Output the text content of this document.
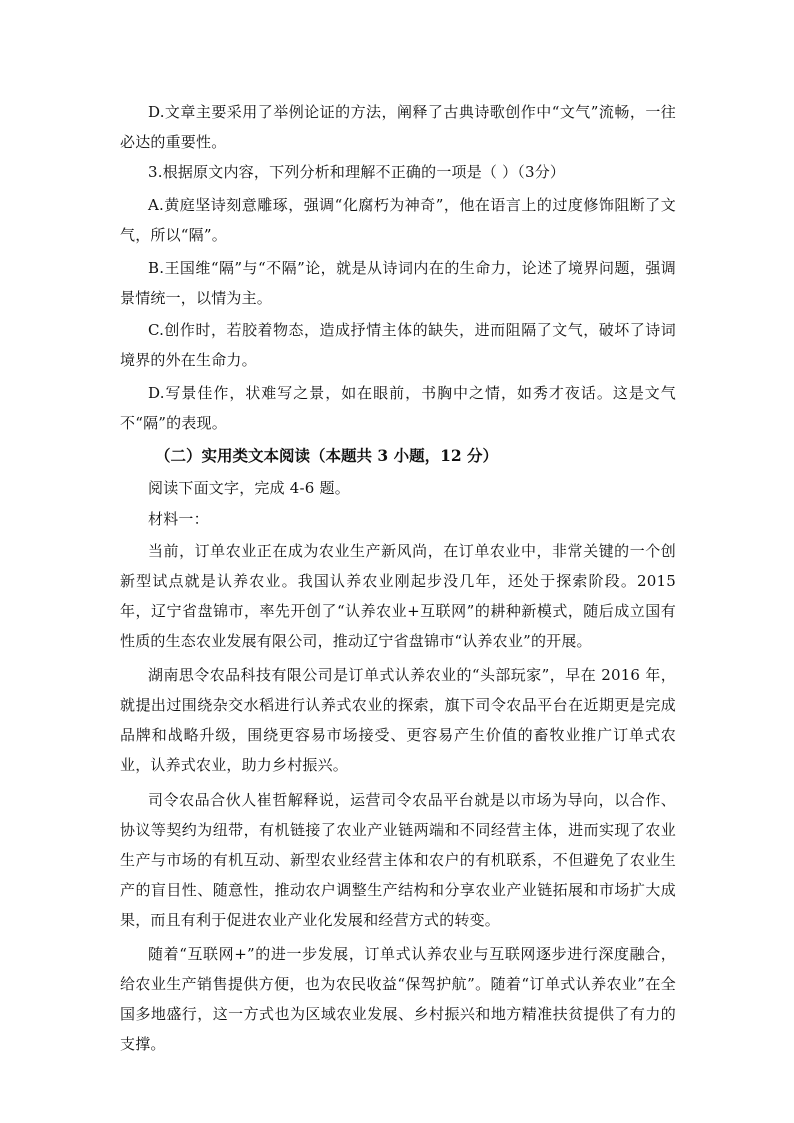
D.文章主要采用了举例论证的方法，阐释了古典诗歌创作中“文气”流畅，一往必达的重要性。

3.根据原文内容，下列分析和理解不正确的一项是（ ）（3分）

A.黄庭坚诗刻意雕琢，强调“化腐朽为神奇”，他在语言上的过度修饰阻断了文气，所以“隔”。

B.王国维“隔”与“不隔”论，就是从诗词内在的生命力，论述了境界问题，强调景情统一，以情为主。

C.创作时，若胶着物态，造成抒情主体的缺失，进而阻隔了文气，破坏了诗词境界的外在生命力。

D.写景佳作，状难写之景，如在眼前，书胸中之情，如秀才夜话。这是文气不“隔”的表现。

（二）实用类文本阅读（本题共 3 小题，12 分）

阅读下面文字，完成 4-6 题。

材料一：

当前，订单农业正在成为农业生产新风尚，在订单农业中，非常关键的一个创新型试点就是认养农业。我国认养农业刚起步没几年，还处于探索阶段。2015 年，辽宁省盘锦市，率先开创了“认养农业+互联网”的耕种新模式，随后成立国有性质的生态农业发展有限公司，推动辽宁省盘锦市“认养农业”的开展。

湖南思令农品科技有限公司是订单式认养农业的“头部玩家”，早在 2016 年，就提出过围绕杂交水稻进行认养式农业的探索，旗下司令农品平台在近期更是完成品牌和战略升级，围绕更容易市场接受、更容易产生价值的畜牧业推广订单式农业，认养式农业，助力乡村振兴。

司令农品合伙人崔哲解释说，运营司令农品平台就是以市场为导向，以合作、协议等契约为纽带，有机链接了农业产业链两端和不同经营主体，进而实现了农业生产与市场的有机互动、新型农业经营主体和农户的有机联系，不但避免了农业生产的盲目性、随意性，推动农户调整生产结构和分享农业产业链拓展和市场扩大成果，而且有利于促进农业产业化发展和经营方式的转变。

随着“互联网+”的进一步发展，订单式认养农业与互联网逐步进行深度融合，给农业生产销售提供方便，也为农民收益“保驾护航”。随着“订单式认养农业”在全国多地盛行，这一方式也为区域农业发展、乡村振兴和地方精准扶贫提供了有力的支撑。
